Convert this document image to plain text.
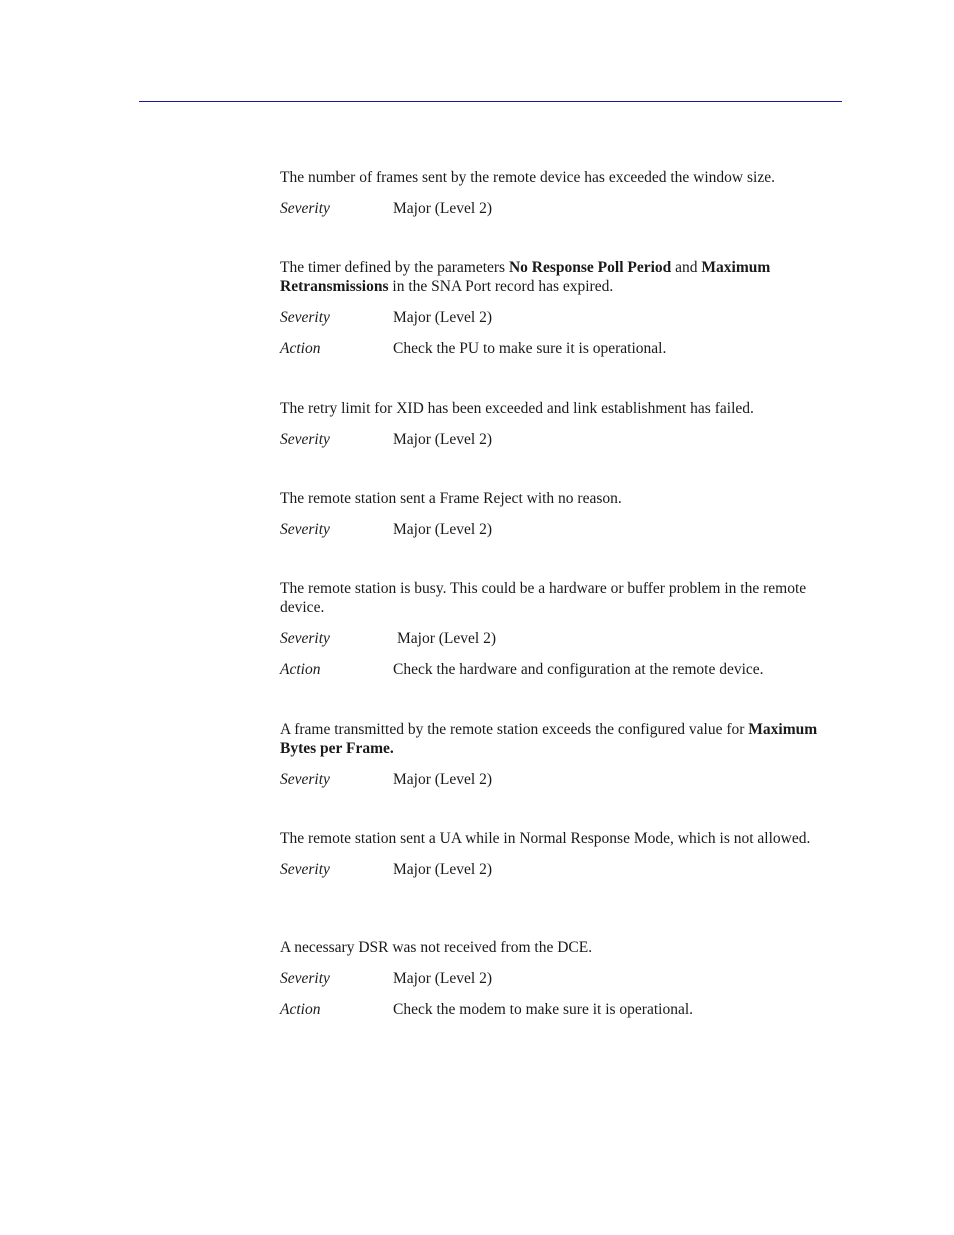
The number of frames sent by the remote device has exceeded the window size.

Severity	Major (Level 2)

The timer defined by the parameters No Response Poll Period and Maximum Retransmissions in the SNA Port record has expired.

Severity	Major (Level 2)
Action	Check the PU to make sure it is operational.

The retry limit for XID has been exceeded and link establishment has failed.

Severity	Major (Level 2)

The remote station sent a Frame Reject with no reason.

Severity	Major (Level 2)

The remote station is busy. This could be a hardware or buffer problem in the remote device.

Severity	Major (Level 2)
Action	Check the hardware and configuration at the remote device.

A frame transmitted by the remote station exceeds the configured value for Maximum Bytes per Frame.

Severity	Major (Level 2)

The remote station sent a UA while in Normal Response Mode, which is not allowed.

Severity	Major (Level 2)

A necessary DSR was not received from the DCE.

Severity	Major (Level 2)
Action	Check the modem to make sure it is operational.
